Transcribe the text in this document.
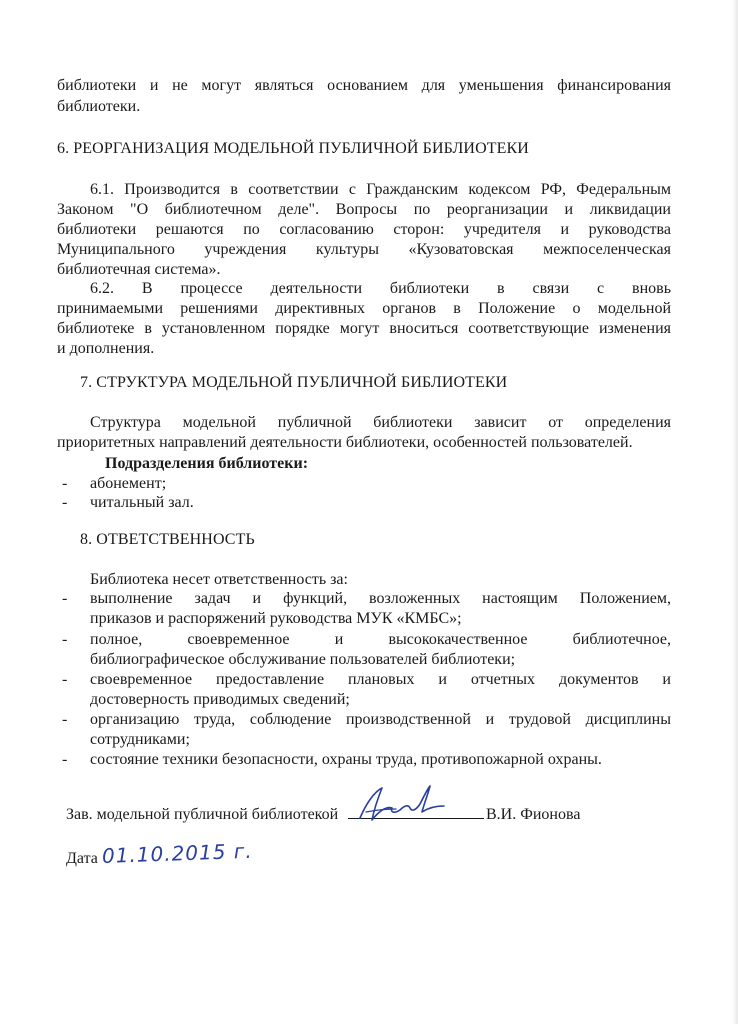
библиотеки и не могут являться основанием для уменьшения финансирования
библиотеки.
6. РЕОРГАНИЗАЦИЯ МОДЕЛЬНОЙ ПУБЛИЧНОЙ БИБЛИОТЕКИ
6.1. Производится в соответствии с Гражданским кодексом РФ, Федеральным
Законом "О библиотечном деле". Вопросы по реорганизации и ликвидации
библиотеки решаются по согласованию сторон: учредителя и руководства
Муниципального учреждения культуры «Кузоватовская межпоселенческая
библиотечная система».
6.2. В процессе деятельности библиотеки в связи с вновь
принимаемыми решениями директивных органов в Положение о модельной
библиотеке в установленном порядке могут вноситься соответствующие изменения
и дополнения.
7. СТРУКТУРА МОДЕЛЬНОЙ ПУБЛИЧНОЙ БИБЛИОТЕКИ
Структура модельной публичной библиотеки зависит от определения
приоритетных направлений деятельности библиотеки, особенностей пользователей.
Подразделения библиотеки:
- абонемент;
- читальный зал.
8. ОТВЕТСТВЕННОСТЬ
Библиотека несет ответственность за:
- выполнение задач и функций, возложенных настоящим Положением,
приказов и распоряжений руководства МУК «КМБС»;
- полное, своевременное и высококачественное библиотечное,
библиографическое обслуживание пользователей библиотеки;
- своевременное предоставление плановых и отчетных документов и
достоверность приводимых сведений;
- организацию труда, соблюдение производственной и трудовой дисциплины
сотрудниками;
- состояние техники безопасности, охраны труда, противопожарной охраны.
Зав. модельной публичной библиотекой	В.И. Фионова
Дата 01.10.2015 г.
